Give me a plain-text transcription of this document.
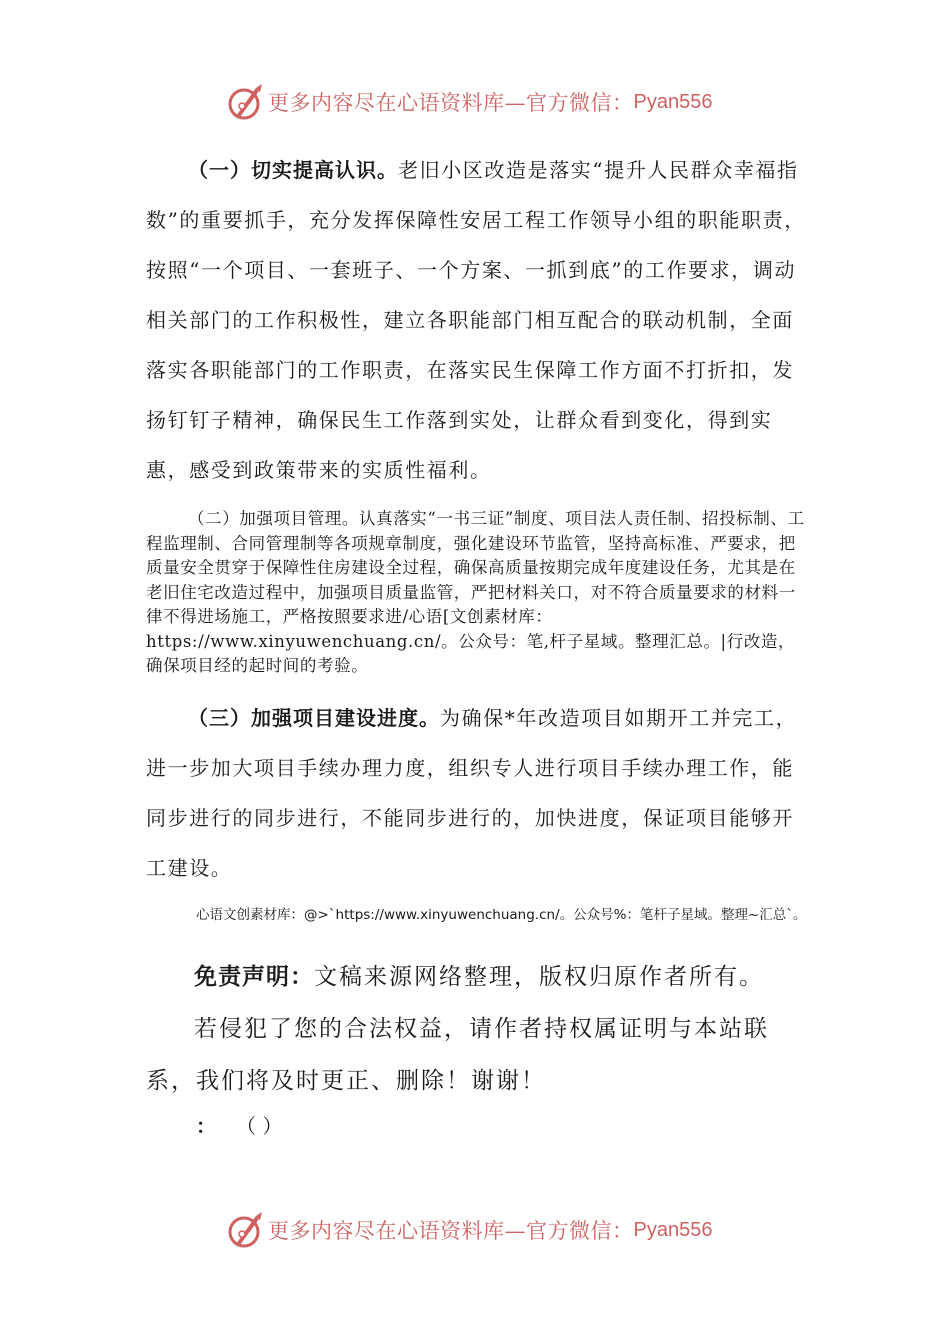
更多内容尽在心语资料库—官方微信： Pyan556

（一）切实提高认识。老旧小区改造是落实“提升人民群众幸福指数”的重要抓手，充分发挥保障性安居工程工作领导小组的职能职责，按照“一个项目、一套班子、一个方案、一抓到底”的工作要求，调动相关部门的工作积极性，建立各职能部门相互配合的联动机制，全面落实各职能部门的工作职责，在落实民生保障工作方面不打折扣，发扬钉钉子精神，确保民生工作落到实处，让群众看到变化，得到实惠，感受到政策带来的实质性福利。

（二）加强项目管理。认真落实“一书三证”制度、项目法人责任制、招投标制、工程监理制、合同管理制等各项规章制度，强化建设环节监管，坚持高标准、严要求，把质量安全贯穿于保障性住房建设全过程，确保高质量按期完成年度建设任务，尤其是在老旧住宅改造过程中，加强项目质量监管，严把材料关口，对不符合质量要求的材料一律不得进场施工，严格按照要求进/心语[文创素材库：https://www.xinyuwenchuang.cn/。公众号：笔,杆子星域。整理汇总。|行改造，确保项目经的起时间的考验。

（三）加强项目建设进度。为确保*年改造项目如期开工并完工，进一步加大项目手续办理力度，组织专人进行项目手续办理工作，能同步进行的同步进行，不能同步进行的，加快进度，保证项目能够开工建设。

心语文创素材库：@>`https://www.xinyuwenchuang.cn/。公众号%：笔杆子星域。整理~汇总`。

免责声明：文稿来源网络整理，版权归原作者所有。

若侵犯了您的合法权益，请作者持权属证明与本站联系，我们将及时更正、删除！谢谢！

： （ ）
更多内容尽在心语资料库—官方微信： Pyan556
